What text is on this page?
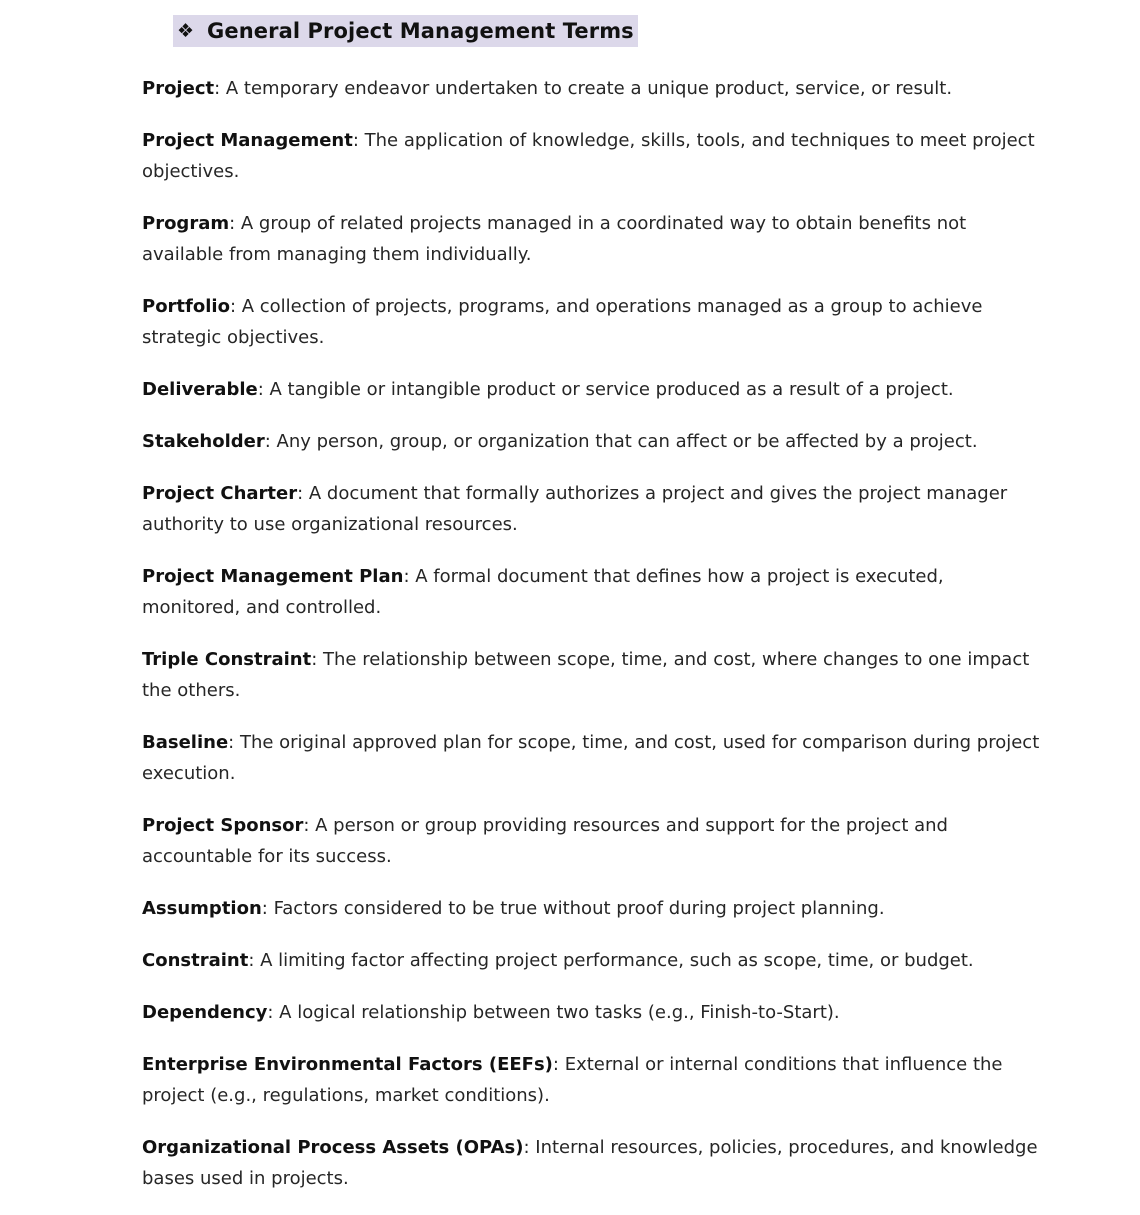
❖ General Project Management Terms

Project: A temporary endeavor undertaken to create a unique product, service, or result.

Project Management: The application of knowledge, skills, tools, and techniques to meet project objectives.

Program: A group of related projects managed in a coordinated way to obtain benefits not available from managing them individually.

Portfolio: A collection of projects, programs, and operations managed as a group to achieve strategic objectives.

Deliverable: A tangible or intangible product or service produced as a result of a project.

Stakeholder: Any person, group, or organization that can affect or be affected by a project.

Project Charter: A document that formally authorizes a project and gives the project manager authority to use organizational resources.

Project Management Plan: A formal document that defines how a project is executed, monitored, and controlled.

Triple Constraint: The relationship between scope, time, and cost, where changes to one impact the others.

Baseline: The original approved plan for scope, time, and cost, used for comparison during project execution.

Project Sponsor: A person or group providing resources and support for the project and accountable for its success.

Assumption: Factors considered to be true without proof during project planning.

Constraint: A limiting factor affecting project performance, such as scope, time, or budget.

Dependency: A logical relationship between two tasks (e.g., Finish-to-Start).

Enterprise Environmental Factors (EEFs): External or internal conditions that influence the project (e.g., regulations, market conditions).

Organizational Process Assets (OPAs): Internal resources, policies, procedures, and knowledge bases used in projects.
